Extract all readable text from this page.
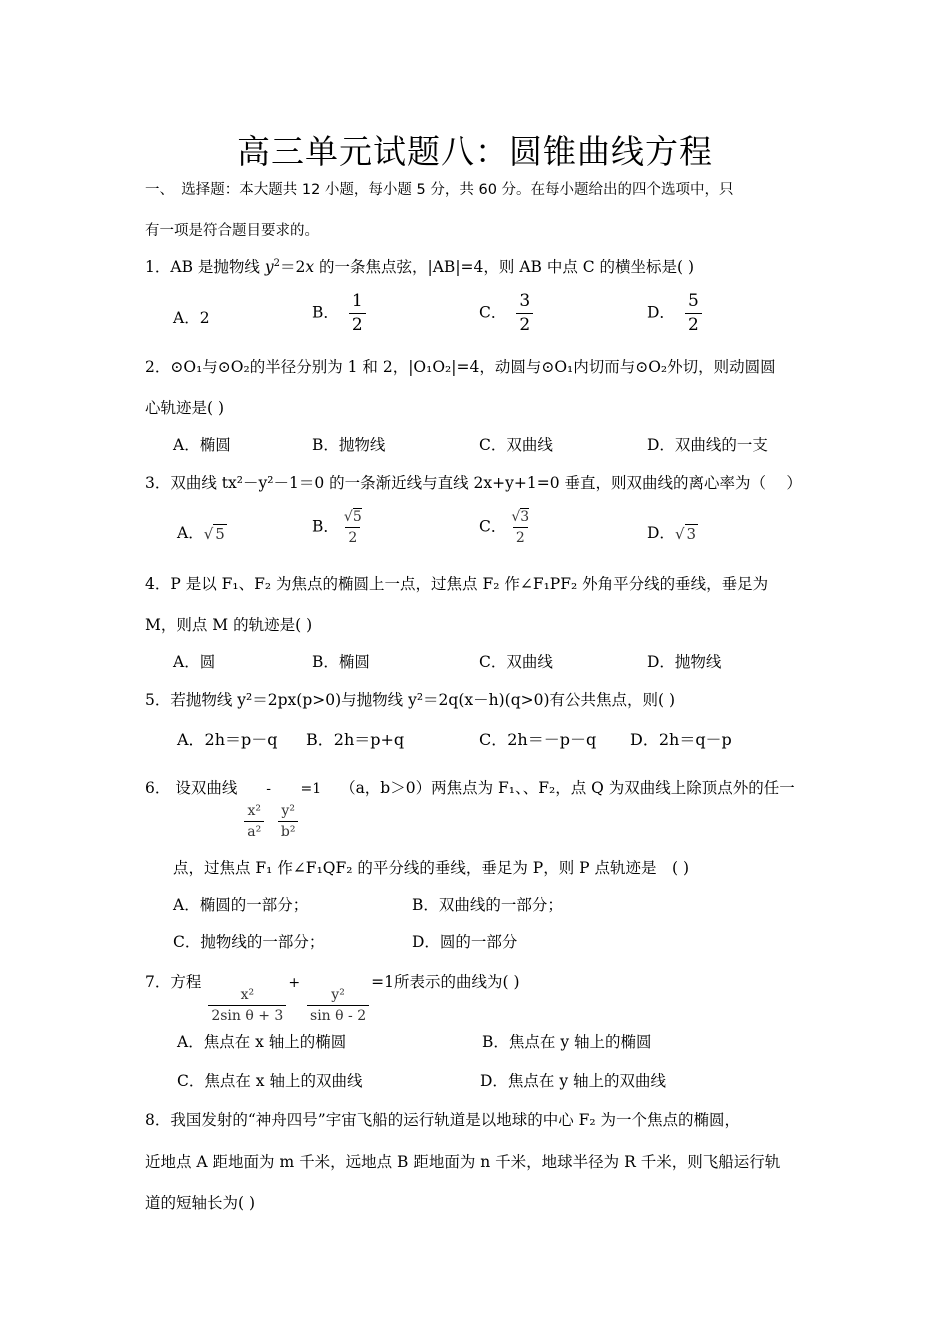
高三单元试题八：圆锥曲线方程
一、　选择题：本大题共 12 小题，每小题 5 分，共 60 分。在每小题给出的四个选项中，只
有一项是符合题目要求的。
1．AB 是抛物线 $y^2=2x$ 的一条焦点弦，|AB|=4，则 AB 中点 C 的横坐标是( )
A．2	B． $\frac{1}{2}$	C． $\frac{3}{2}$	D． $\frac{5}{2}$
2．⊙O₁与⊙O₂的半径分别为 1 和 2，|O₁O₂|=4，动圆与⊙O₁内切而与⊙O₂外切，则动圆圆
心轨迹是( )
A．椭圆	B．抛物线	C．双曲线	D．双曲线的一支
3．双曲线 tx²－y²－1＝0 的一条渐近线与直线 2x+y+1=0 垂直，则双曲线的离心率为（　 ）
A．√ 5	B． $\frac{√5}{2}$	C． $\frac{√3}{2}$	D．√ 3
4．P 是以 F₁、F₂ 为焦点的椭圆上一点，过焦点 F₂ 作∠F₁PF₂ 外角平分线的垂线，垂足为
M，则点 M 的轨迹是( )
A．圆	B．椭圆	C．双曲线	D．抛物线
5．若抛物线 y²＝2px(p>0)与抛物线 y²＝2q(x－h)(q>0)有公共焦点，则( )
A．2h＝p－q B．2h＝p+q	C．2h＝－p－q D．2h＝q－p
6． 设双曲线
$\frac{\text{x²}}{\text{a²}}$
-
$\frac{\text{y²}}{\text{b²}}$
=1 （a，b＞0）两焦点为 F₁、、F₂，点 Q 为双曲线上除顶点外的任一
点，过焦点 F₁ 作∠F₁QF₂ 的平分线的垂线，垂足为 P，则 P 点轨迹是　( )
A．椭圆的一部分；	B．双曲线的一部分；
C．抛物线的一部分；	D．圆的一部分
7．方程
$\frac{\text{x²}}{\text{2sin θ + 3}}$
+
$\frac{\text{y²}}{\text{sin θ - 2}}$
=1所表示的曲线为( )
A．焦点在 x 轴上的椭圆	B．焦点在 y 轴上的椭圆
C．焦点在 x 轴上的双曲线	D．焦点在 y 轴上的双曲线
8．我国发射的“神舟四号”宇宙飞船的运行轨道是以地球的中心 F₂ 为一个焦点的椭圆，
近地点 A 距地面为 m 千米，远地点 B 距地面为 n 千米，地球半径为 R 千米，则飞船运行轨
道的短轴长为( )
